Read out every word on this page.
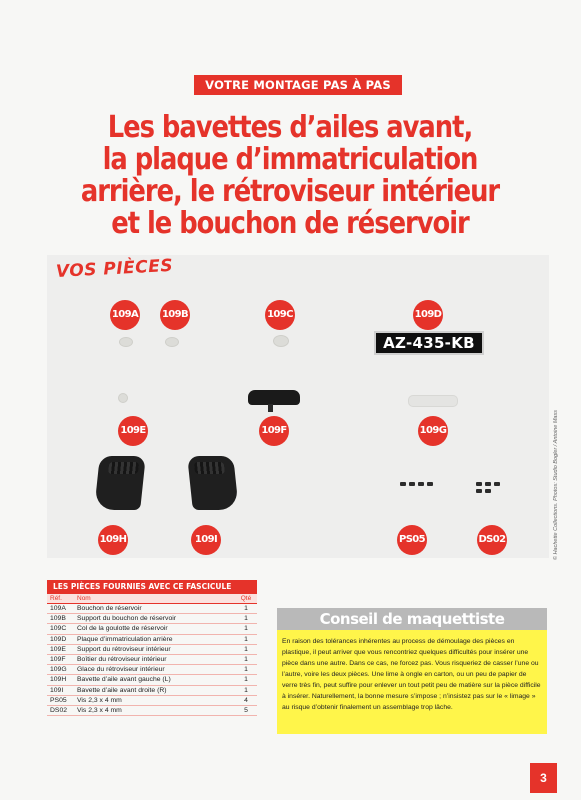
VOTRE MONTAGE PAS À PAS
Les bavettes d’ailes avant,
la plaque d’immatriculation
arrière, le rétroviseur intérieur
et le bouchon de réservoir
VOS PIÈCES
AZ-435-KB
109A 109B	109C	109D
109E	109F	109G
109H	109I	PS05	DS02	© Hachette Collections. Photos: Studio Bogler / Antoine Mass
LES PIÈCES FOURNIES AVEC CE FASCICULE
Réf.	Nom	Qté
109A	Bouchon de réservoir	1
109B	Support du bouchon de réservoir	1
109C	Col de la goulotte de réservoir	1
109D	Plaque d’immatriculation arrière	1
109E	Support du rétroviseur intérieur	1
109F	Boîtier du rétroviseur intérieur	1
109G	Glace du rétroviseur intérieur	1
109H	Bavette d’aile avant gauche (L)	1
109I	Bavette d’aile avant droite (R)	1
PS05	Vis 2,3 x 4 mm	4
DS02	Vis 2,3 x 4 mm	5
Conseil de maquettiste
En raison des tolérances inhérentes au process de démoulage des pièces en plastique, il peut arriver que vous rencontriez quelques difficultés pour insérer une pièce dans une autre. Dans ce cas, ne forcez pas. Vous risqueriez de casser l’une ou l’autre, voire les deux pièces. Une lime à ongle en carton, ou un peu de papier de verre très fin, peut suffire pour enlever un tout petit peu de matière sur la pièce difficile à insérer. Naturellement, la bonne mesure s’impose ; n’insistez pas sur le « limage » au risque d’obtenir finalement un assemblage trop lâche.
3
